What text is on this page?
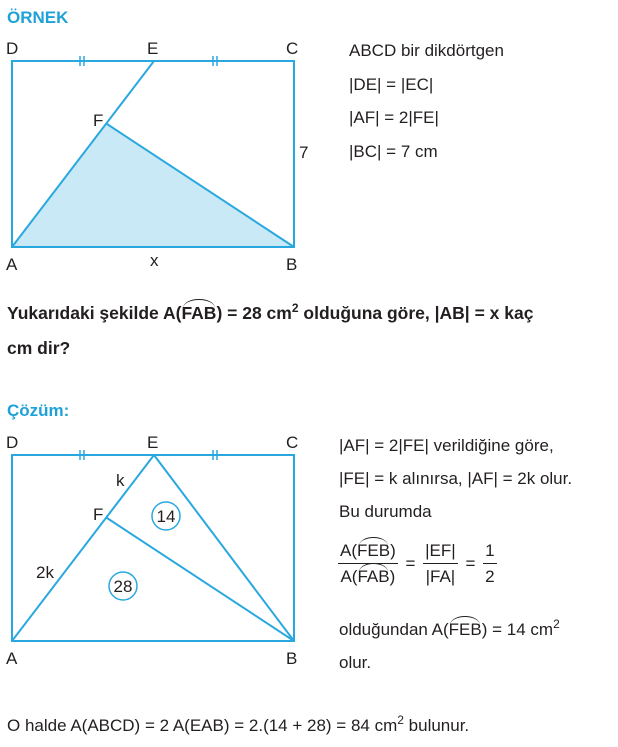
ÖRNEK
D	E	C
F
A	B
7
x
ABCD bir dikdörtgen
|DE| = |EC|
|AF| = 2|FE|
|BC| = 7 cm
Yukarıdaki şekilde A(FAB) = 28 $cm^2$ olduğuna göre, |AB| = x kaç
cm dir?
Çözüm:
D	E	C
F
A	B
k
2k
14
28
|AF| = 2|FE| verildiğine göre,
|FE| = k alınırsa, |AF| = 2k olur.
Bu durumda
$\frac{\text{A(FEB)}}{\text{A(FAB)}} = \frac{|EF|}{|FA|} = \frac{1}{2}$
olduğundan A(FEB) = 14 $cm^2$
olur.
O halde A(ABCD) = 2 A(EAB) = 2.(14 + 28) = 84 $cm^2$ bulunur.
